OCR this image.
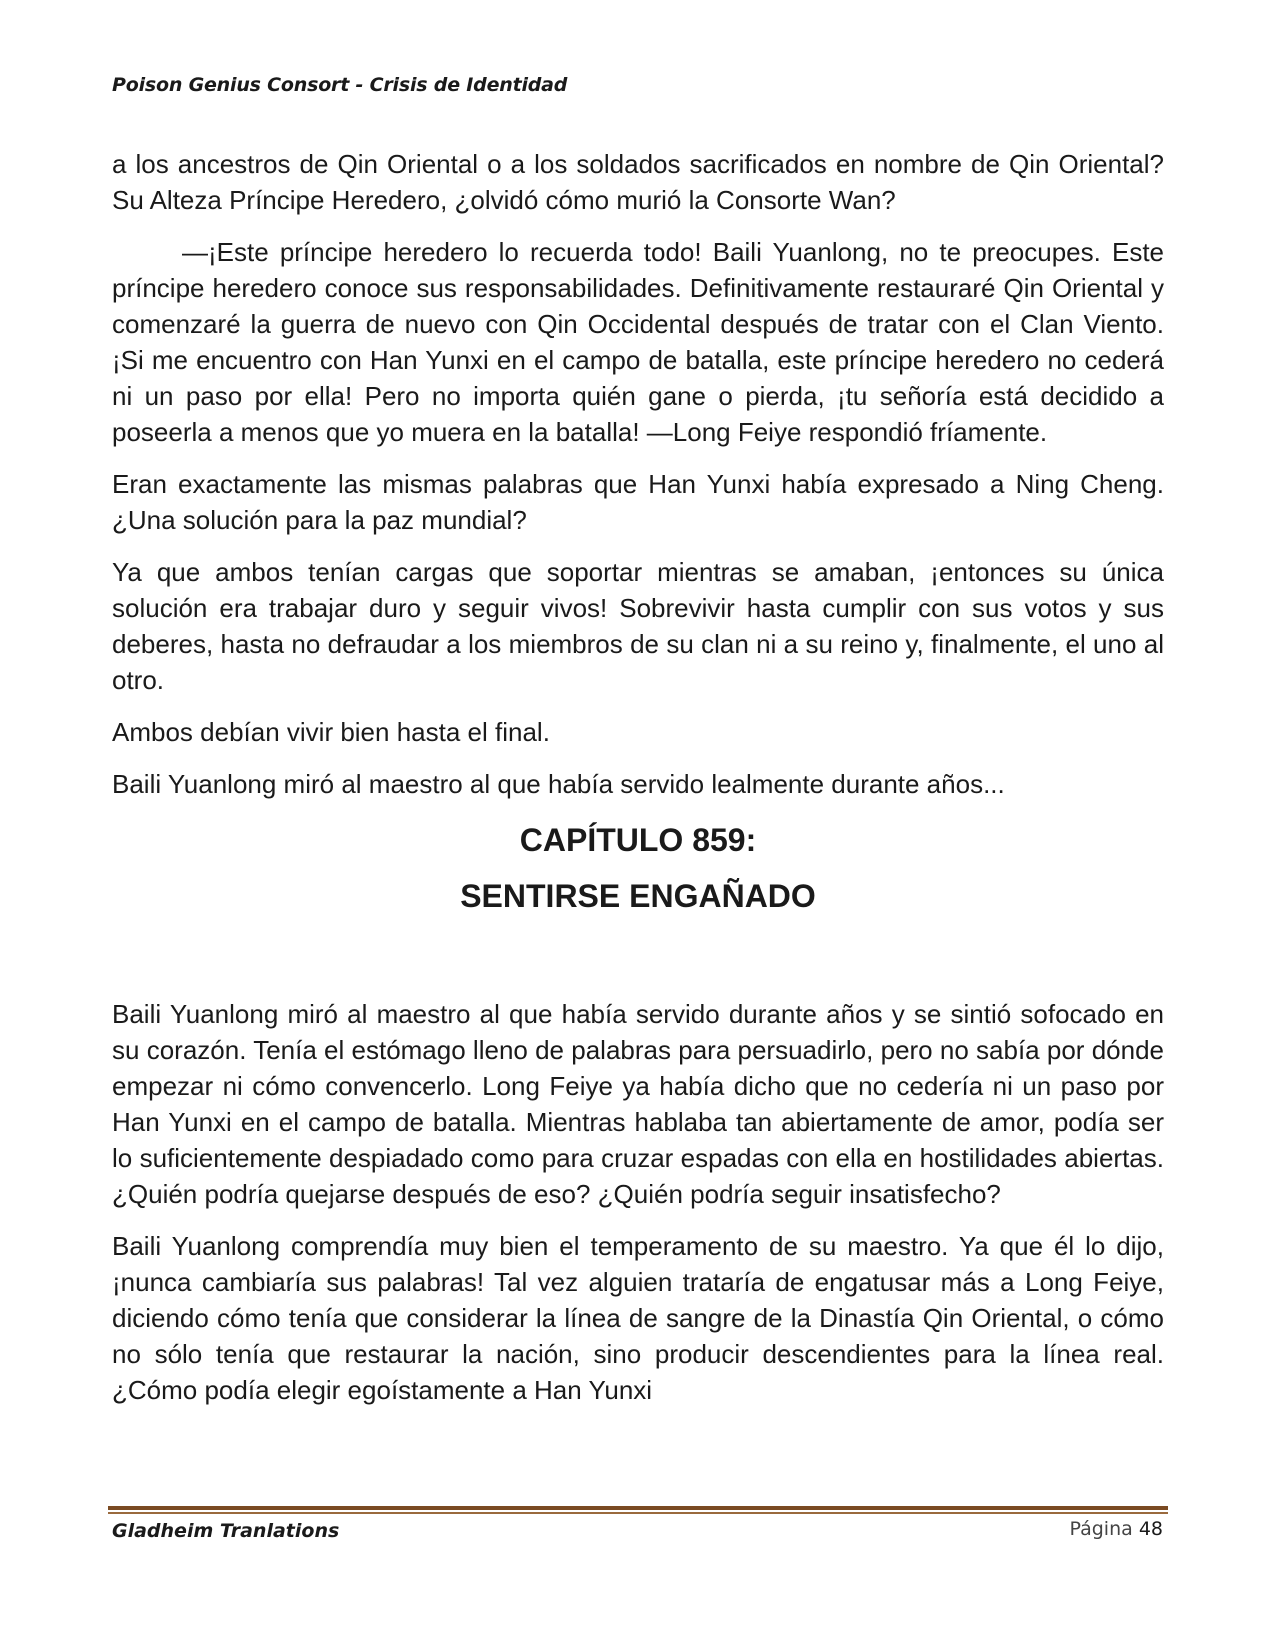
Poison Genius Consort - Crisis de Identidad

a los ancestros de Qin Oriental o a los soldados sacrificados en nombre de Qin Oriental? Su Alteza Príncipe Heredero, ¿olvidó cómo murió la Consorte Wan?

—¡Este príncipe heredero lo recuerda todo! Baili Yuanlong, no te preocupes. Este príncipe heredero conoce sus responsabilidades. Definitivamente restauraré Qin Oriental y comenzaré la guerra de nuevo con Qin Occidental después de tratar con el Clan Viento. ¡Si me encuentro con Han Yunxi en el campo de batalla, este príncipe heredero no cederá ni un paso por ella! Pero no importa quién gane o pierda, ¡tu señoría está decidido a poseerla a menos que yo muera en la batalla! —Long Feiye respondió fríamente.

Eran exactamente las mismas palabras que Han Yunxi había expresado a Ning Cheng. ¿Una solución para la paz mundial?

Ya que ambos tenían cargas que soportar mientras se amaban, ¡entonces su única solución era trabajar duro y seguir vivos! Sobrevivir hasta cumplir con sus votos y sus deberes, hasta no defraudar a los miembros de su clan ni a su reino y, finalmente, el uno al otro.

Ambos debían vivir bien hasta el final.

Baili Yuanlong miró al maestro al que había servido lealmente durante años...

CAPÍTULO 859:
SENTIRSE ENGAÑADO

Baili Yuanlong miró al maestro al que había servido durante años y se sintió sofocado en su corazón. Tenía el estómago lleno de palabras para persuadirlo, pero no sabía por dónde empezar ni cómo convencerlo. Long Feiye ya había dicho que no cedería ni un paso por Han Yunxi en el campo de batalla. Mientras hablaba tan abiertamente de amor, podía ser lo suficientemente despiadado como para cruzar espadas con ella en hostilidades abiertas. ¿Quién podría quejarse después de eso? ¿Quién podría seguir insatisfecho?

Baili Yuanlong comprendía muy bien el temperamento de su maestro. Ya que él lo dijo, ¡nunca cambiaría sus palabras! Tal vez alguien trataría de engatusar más a Long Feiye, diciendo cómo tenía que considerar la línea de sangre de la Dinastía Qin Oriental, o cómo no sólo tenía que restaurar la nación, sino producir descendientes para la línea real. ¿Cómo podía elegir egoístamente a Han Yunxi

Gladheim Tranlations	Página 48
